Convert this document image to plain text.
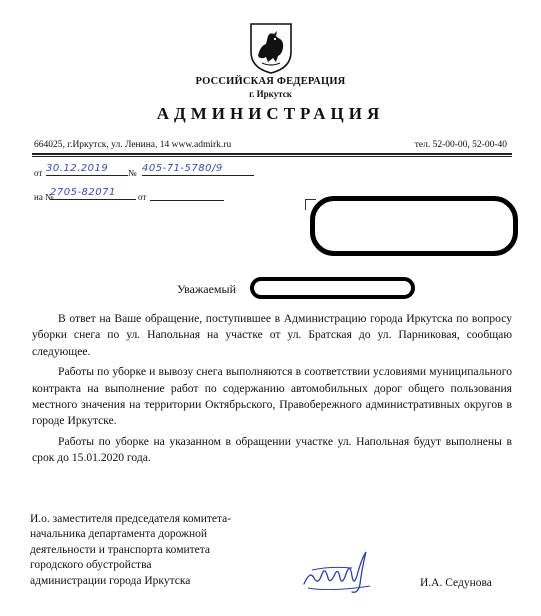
РОССИЙСКАЯ ФЕДЕРАЦИЯ
г. Иркутск
АДМИНИСТРАЦИЯ
664025, г.Иркутск, ул. Ленина, 14 www.admirk.ru	тел. 52-00-00, 52-00-40
от 30.12.2019	№ 405-71-5780/9
на №
2705-82071	от
Уважаемый

В ответ на Ваше обращение, поступившее в Администрацию города Иркутска по вопросу уборки снега по ул. Напольная на участке от ул. Братская до ул. Парниковая, сообщаю следующее.

Работы по уборке и вывозу снега выполняются в соответствии условиями муниципального контракта на выполнение работ по содержанию автомобильных дорог общего пользования местного значения на территории Октябрьского, Правобережного административных округов в городе Иркутске.

Работы по уборке на указанном в обращении участке ул. Напольная будут выполнены в срок до 15.01.2020 года.

И.о. заместителя председателя комитета-
начальника департамента дорожной
деятельности и транспорта комитета
городского обустройства
администрации города Иркутска	И.А. Седунова
